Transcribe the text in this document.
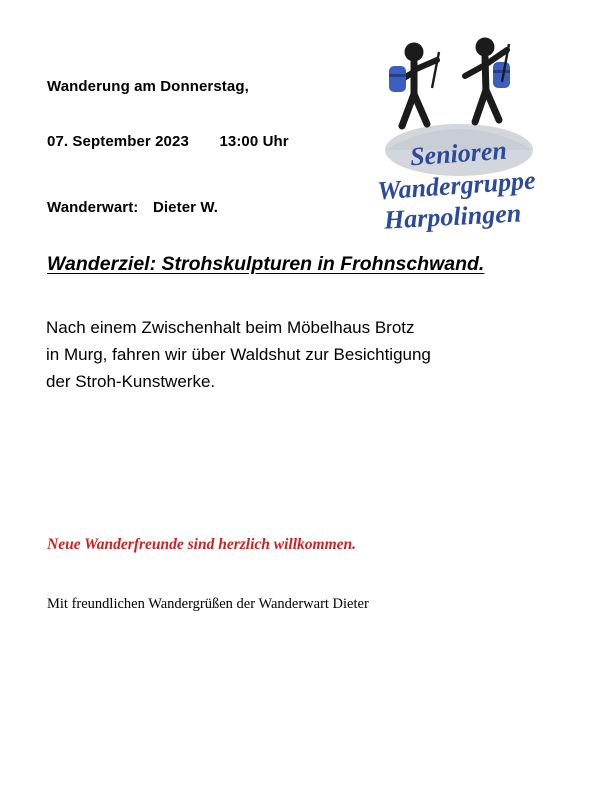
Senioren
Wandergruppe
Harpolingen
Wanderung am Donnerstag,
07. September 2023 13:00 Uhr
Wanderwart: Dieter W.
Wanderziel: Strohskulpturen in Frohnschwand.
Nach einem Zwischenhalt beim Möbelhaus Brotz
in Murg, fahren wir über Waldshut zur Besichtigung
der Stroh-Kunstwerke.
Neue Wanderfreunde sind herzlich willkommen.
Mit freundlichen Wandergrüßen der Wanderwart Dieter
